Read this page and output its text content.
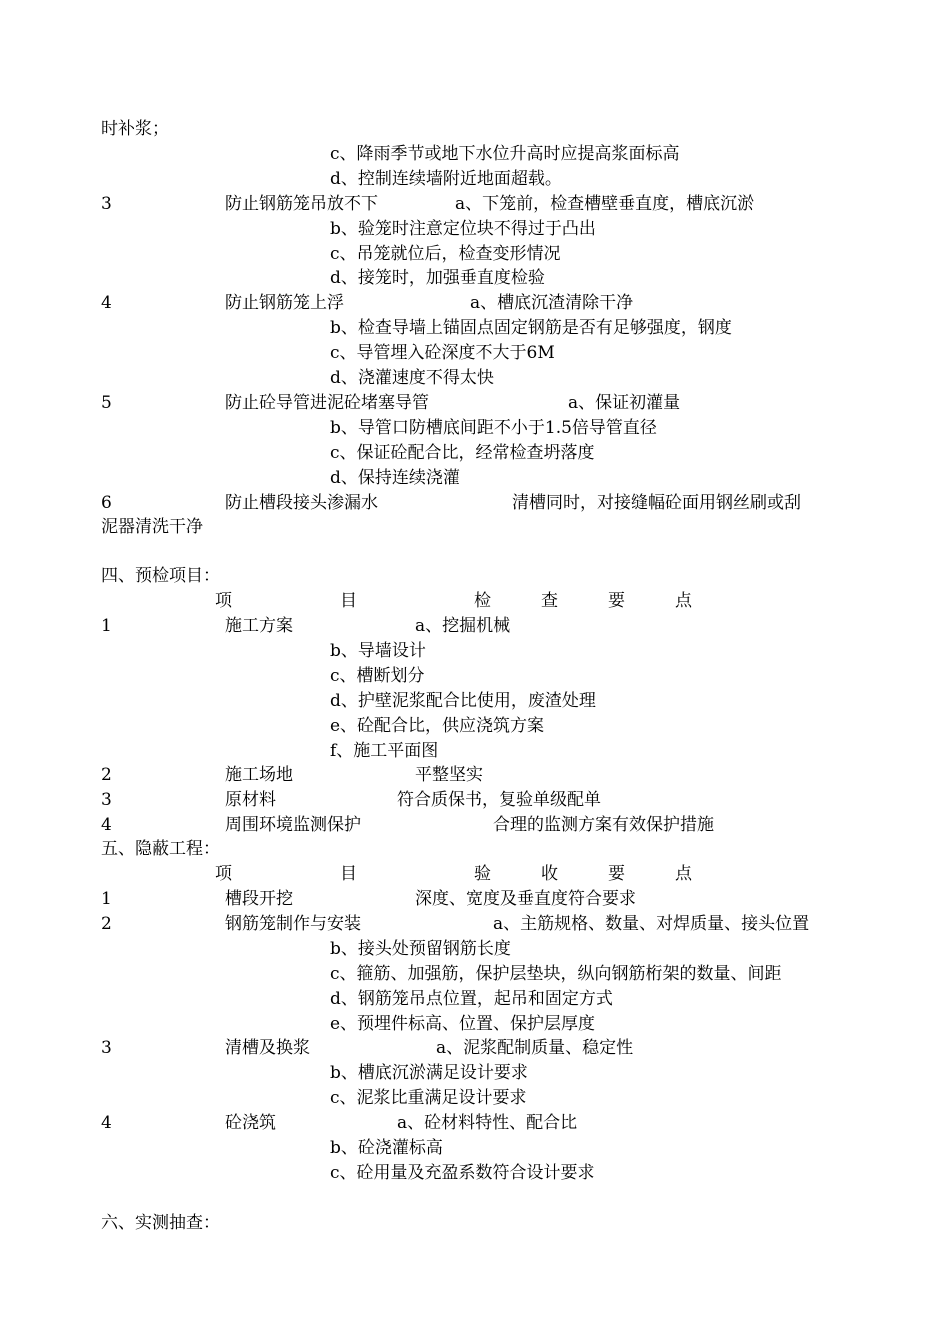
时补浆；
c、降雨季节或地下水位升高时应提高浆面标高
d、控制连续墙附近地面超载。
3	防止钢筋笼吊放不下	a、下笼前，检查槽壁垂直度，槽底沉淤
b、验笼时注意定位块不得过于凸出
c、吊笼就位后，检查变形情况
d、接笼时，加强垂直度检验
4	防止钢筋笼上浮	a、槽底沉渣清除干净
b、检查导墙上锚固点固定钢筋是否有足够强度，钢度
c、导管埋入砼深度不大于6M
d、浇灌速度不得太快
5	防止砼导管进泥砼堵塞导管	a、保证初灌量
b、导管口防槽底间距不小于1.5倍导管直径
c、保证砼配合比，经常检查坍落度
d、保持连续浇灌
6	防止槽段接头渗漏水	清槽同时，对接缝幅砼面用钢丝刷或刮
泥器清洗干净
四、预检项目：
项	目	检	查	要	点
1	施工方案	a、挖掘机械
b、导墙设计
c、槽断划分
d、护壁泥浆配合比使用，废渣处理
e、砼配合比，供应浇筑方案
f、施工平面图
2	施工场地	平整坚实
3	原材料	符合质保书，复验单级配单
4	周围环境监测保护	合理的监测方案有效保护措施
五、隐蔽工程：
项	目	验	收	要	点
1	槽段开挖	深度、宽度及垂直度符合要求
2	钢筋笼制作与安装	a、主筋规格、数量、对焊质量、接头位置
b、接头处预留钢筋长度
c、箍筋、加强筋，保护层垫块，纵向钢筋桁架的数量、间距
d、钢筋笼吊点位置，起吊和固定方式
e、预埋件标高、位置、保护层厚度
3	清槽及换浆	a、泥浆配制质量、稳定性
b、槽底沉淤满足设计要求
c、泥浆比重满足设计要求
4	砼浇筑	a、砼材料特性、配合比
b、砼浇灌标高
c、砼用量及充盈系数符合设计要求
六、实测抽查：
